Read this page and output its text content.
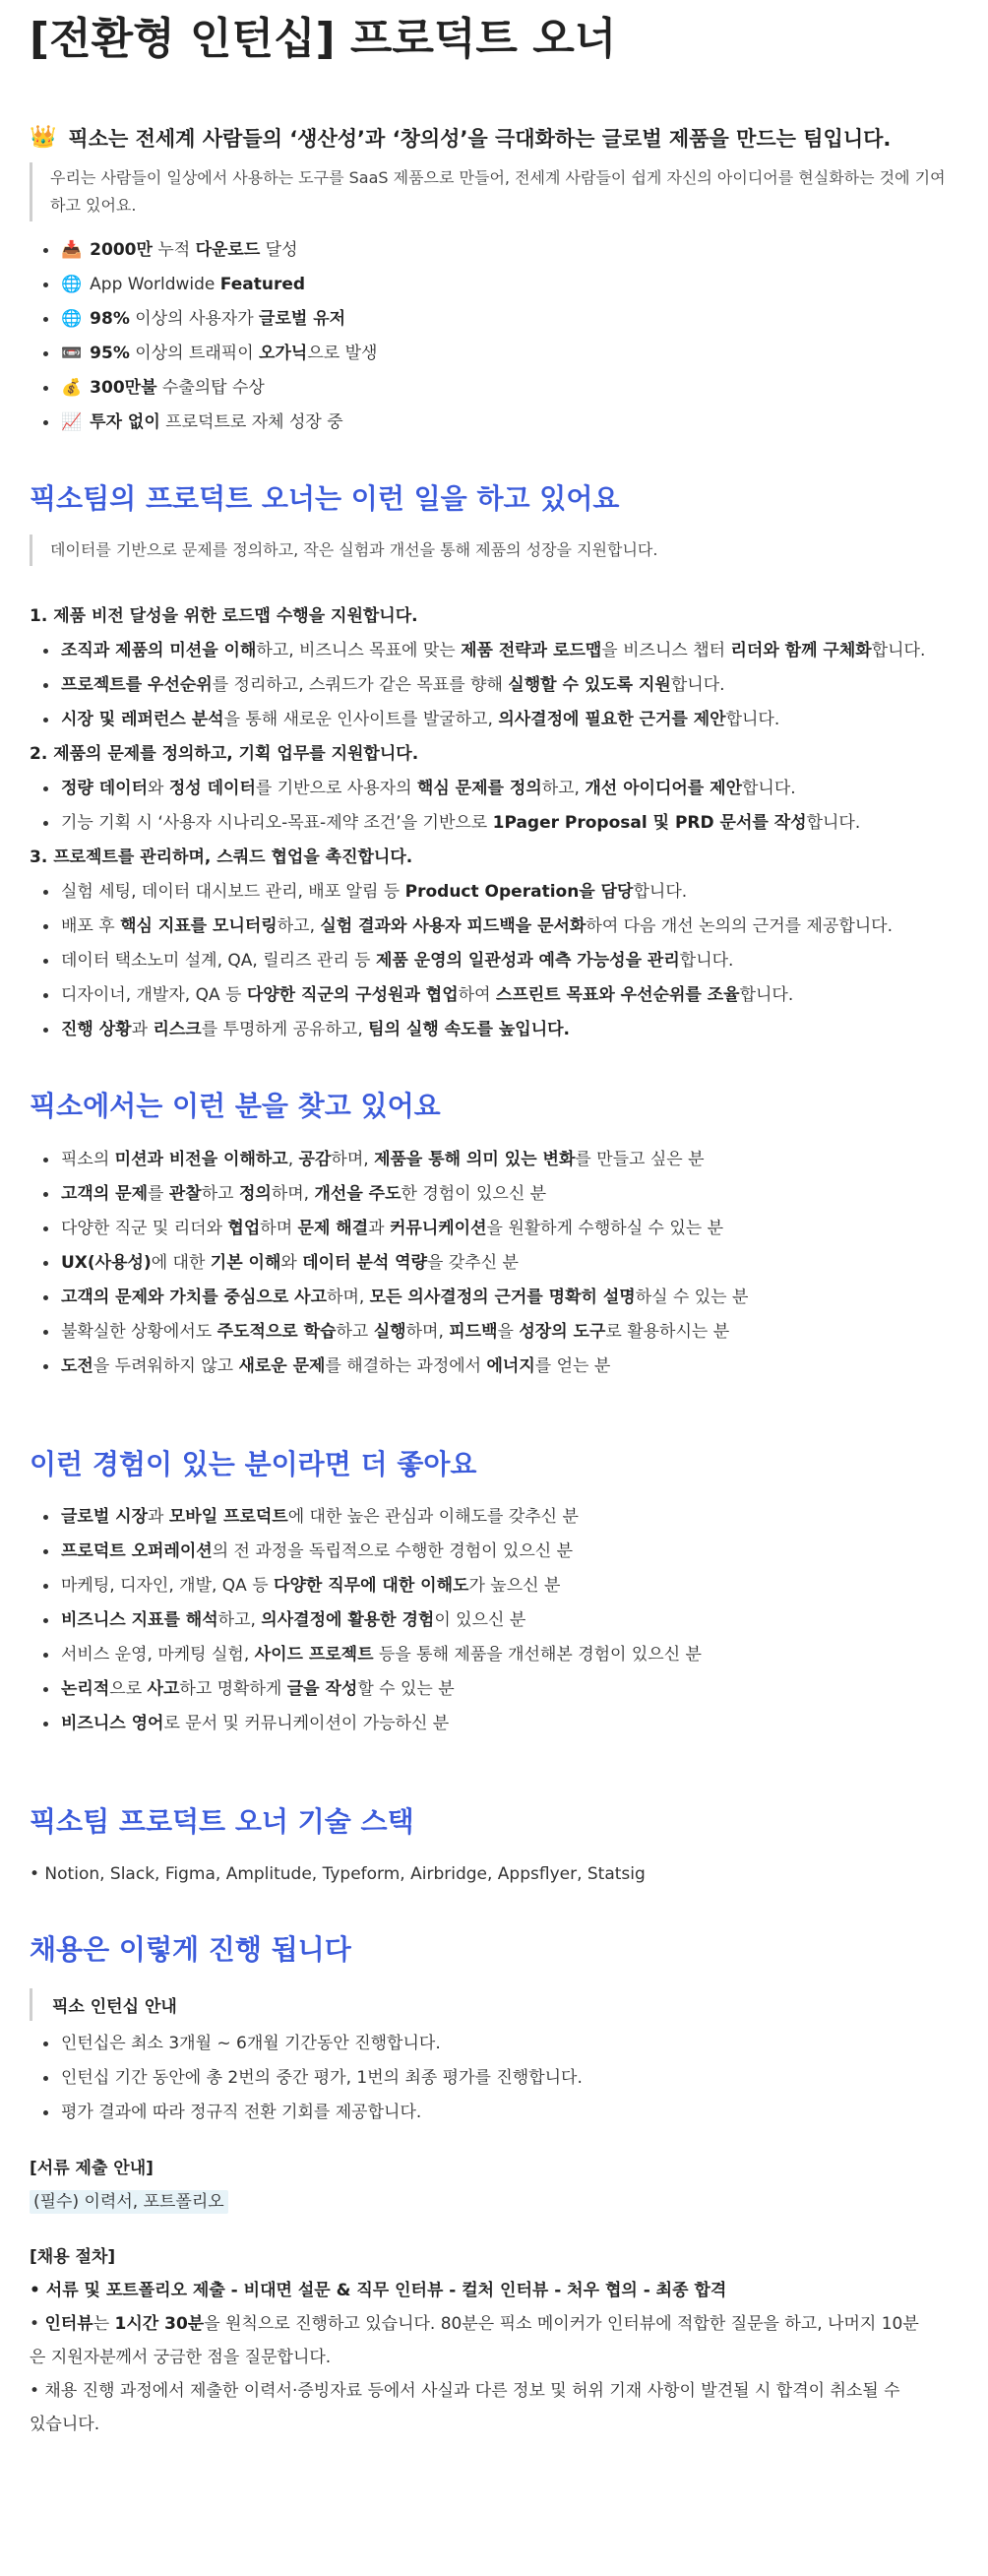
[전환형 인턴십] 프로덕트 오너
👑 픽소는 전세계 사람들의 ‘생산성’과 ‘창의성’을 극대화하는 글로벌 제품을 만드는 팀입니다.
우리는 사람들이 일상에서 사용하는 도구를 SaaS 제품으로 만들어, 전세계 사람들이 쉽게 자신의 아이디어를 현실화하는 것에 기여하고 있어요.
📥 2000만 누적 다운로드 달성
🌐 App Worldwide Featured
🌐 98% 이상의 사용자가 글로벌 유저
📼 95% 이상의 트래픽이 오가닉으로 발생
💰 300만불 수출의탑 수상
📈 투자 없이 프로덕트로 자체 성장 중
픽소팀의 프로덕트 오너는 이런 일을 하고 있어요
데이터를 기반으로 문제를 정의하고, 작은 실험과 개선을 통해 제품의 성장을 지원합니다.
1. 제품 비전 달성을 위한 로드맵 수행을 지원합니다.
조직과 제품의 미션을 이해하고, 비즈니스 목표에 맞는 제품 전략과 로드맵을 비즈니스 챕터 리더와 함께 구체화합니다.
프로젝트를 우선순위를 정리하고, 스쿼드가 같은 목표를 향해 실행할 수 있도록 지원합니다.
시장 및 레퍼런스 분석을 통해 새로운 인사이트를 발굴하고, 의사결정에 필요한 근거를 제안합니다.
2. 제품의 문제를 정의하고, 기획 업무를 지원합니다.
정량 데이터와 정성 데이터를 기반으로 사용자의 핵심 문제를 정의하고, 개선 아이디어를 제안합니다.
기능 기획 시 ‘사용자 시나리오-목표-제약 조건’을 기반으로 1Pager Proposal 및 PRD 문서를 작성합니다.
3. 프로젝트를 관리하며, 스쿼드 협업을 촉진합니다.
실험 세팅, 데이터 대시보드 관리, 배포 알림 등 Product Operation을 담당합니다.
배포 후 핵심 지표를 모니터링하고, 실험 결과와 사용자 피드백을 문서화하여 다음 개선 논의의 근거를 제공합니다.
데이터 택소노미 설계, QA, 릴리즈 관리 등 제품 운영의 일관성과 예측 가능성을 관리합니다.
디자이너, 개발자, QA 등 다양한 직군의 구성원과 협업하여 스프린트 목표와 우선순위를 조율합니다.
진행 상황과 리스크를 투명하게 공유하고, 팀의 실행 속도를 높입니다.
픽소에서는 이런 분을 찾고 있어요
픽소의 미션과 비전을 이해하고, 공감하며, 제품을 통해 의미 있는 변화를 만들고 싶은 분
고객의 문제를 관찰하고 정의하며, 개선을 주도한 경험이 있으신 분
다양한 직군 및 리더와 협업하며 문제 해결과 커뮤니케이션을 원활하게 수행하실 수 있는 분
UX(사용성)에 대한 기본 이해와 데이터 분석 역량을 갖추신 분
고객의 문제와 가치를 중심으로 사고하며, 모든 의사결정의 근거를 명확히 설명하실 수 있는 분
불확실한 상황에서도 주도적으로 학습하고 실행하며, 피드백을 성장의 도구로 활용하시는 분
도전을 두려워하지 않고 새로운 문제를 해결하는 과정에서 에너지를 얻는 분
이런 경험이 있는 분이라면 더 좋아요
글로벌 시장과 모바일 프로덕트에 대한 높은 관심과 이해도를 갖추신 분
프로덕트 오퍼레이션의 전 과정을 독립적으로 수행한 경험이 있으신 분
마케팅, 디자인, 개발, QA 등 다양한 직무에 대한 이해도가 높으신 분
비즈니스 지표를 해석하고, 의사결정에 활용한 경험이 있으신 분
서비스 운영, 마케팅 실험, 사이드 프로젝트 등을 통해 제품을 개선해본 경험이 있으신 분
논리적으로 사고하고 명확하게 글을 작성할 수 있는 분
비즈니스 영어로 문서 및 커뮤니케이션이 가능하신 분
픽소팀 프로덕트 오너 기술 스택
• Notion, Slack, Figma, Amplitude, Typeform, Airbridge, Appsflyer, Statsig
채용은 이렇게 진행 됩니다
픽소 인턴십 안내
인턴십은 최소 3개월 ~ 6개월 기간동안 진행합니다.
인턴십 기간 동안에 총 2번의 중간 평가, 1번의 최종 평가를 진행합니다.
평가 결과에 따라 정규직 전환 기회를 제공합니다.
[서류 제출 안내]
(필수) 이력서, 포트폴리오
[채용 절차]
• 서류 및 포트폴리오 제출 - 비대면 설문 & 직무 인터뷰 - 컬처 인터뷰 - 처우 협의 - 최종 합격
• 인터뷰는 1시간 30분을 원칙으로 진행하고 있습니다. 80분은 픽소 메이커가 인터뷰에 적합한 질문을 하고, 나머지 10분
은 지원자분께서 궁금한 점을 질문합니다.
• 채용 진행 과정에서 제출한 이력서·증빙자료 등에서 사실과 다른 정보 및 허위 기재 사항이 발견될 시 합격이 취소될 수
있습니다.
